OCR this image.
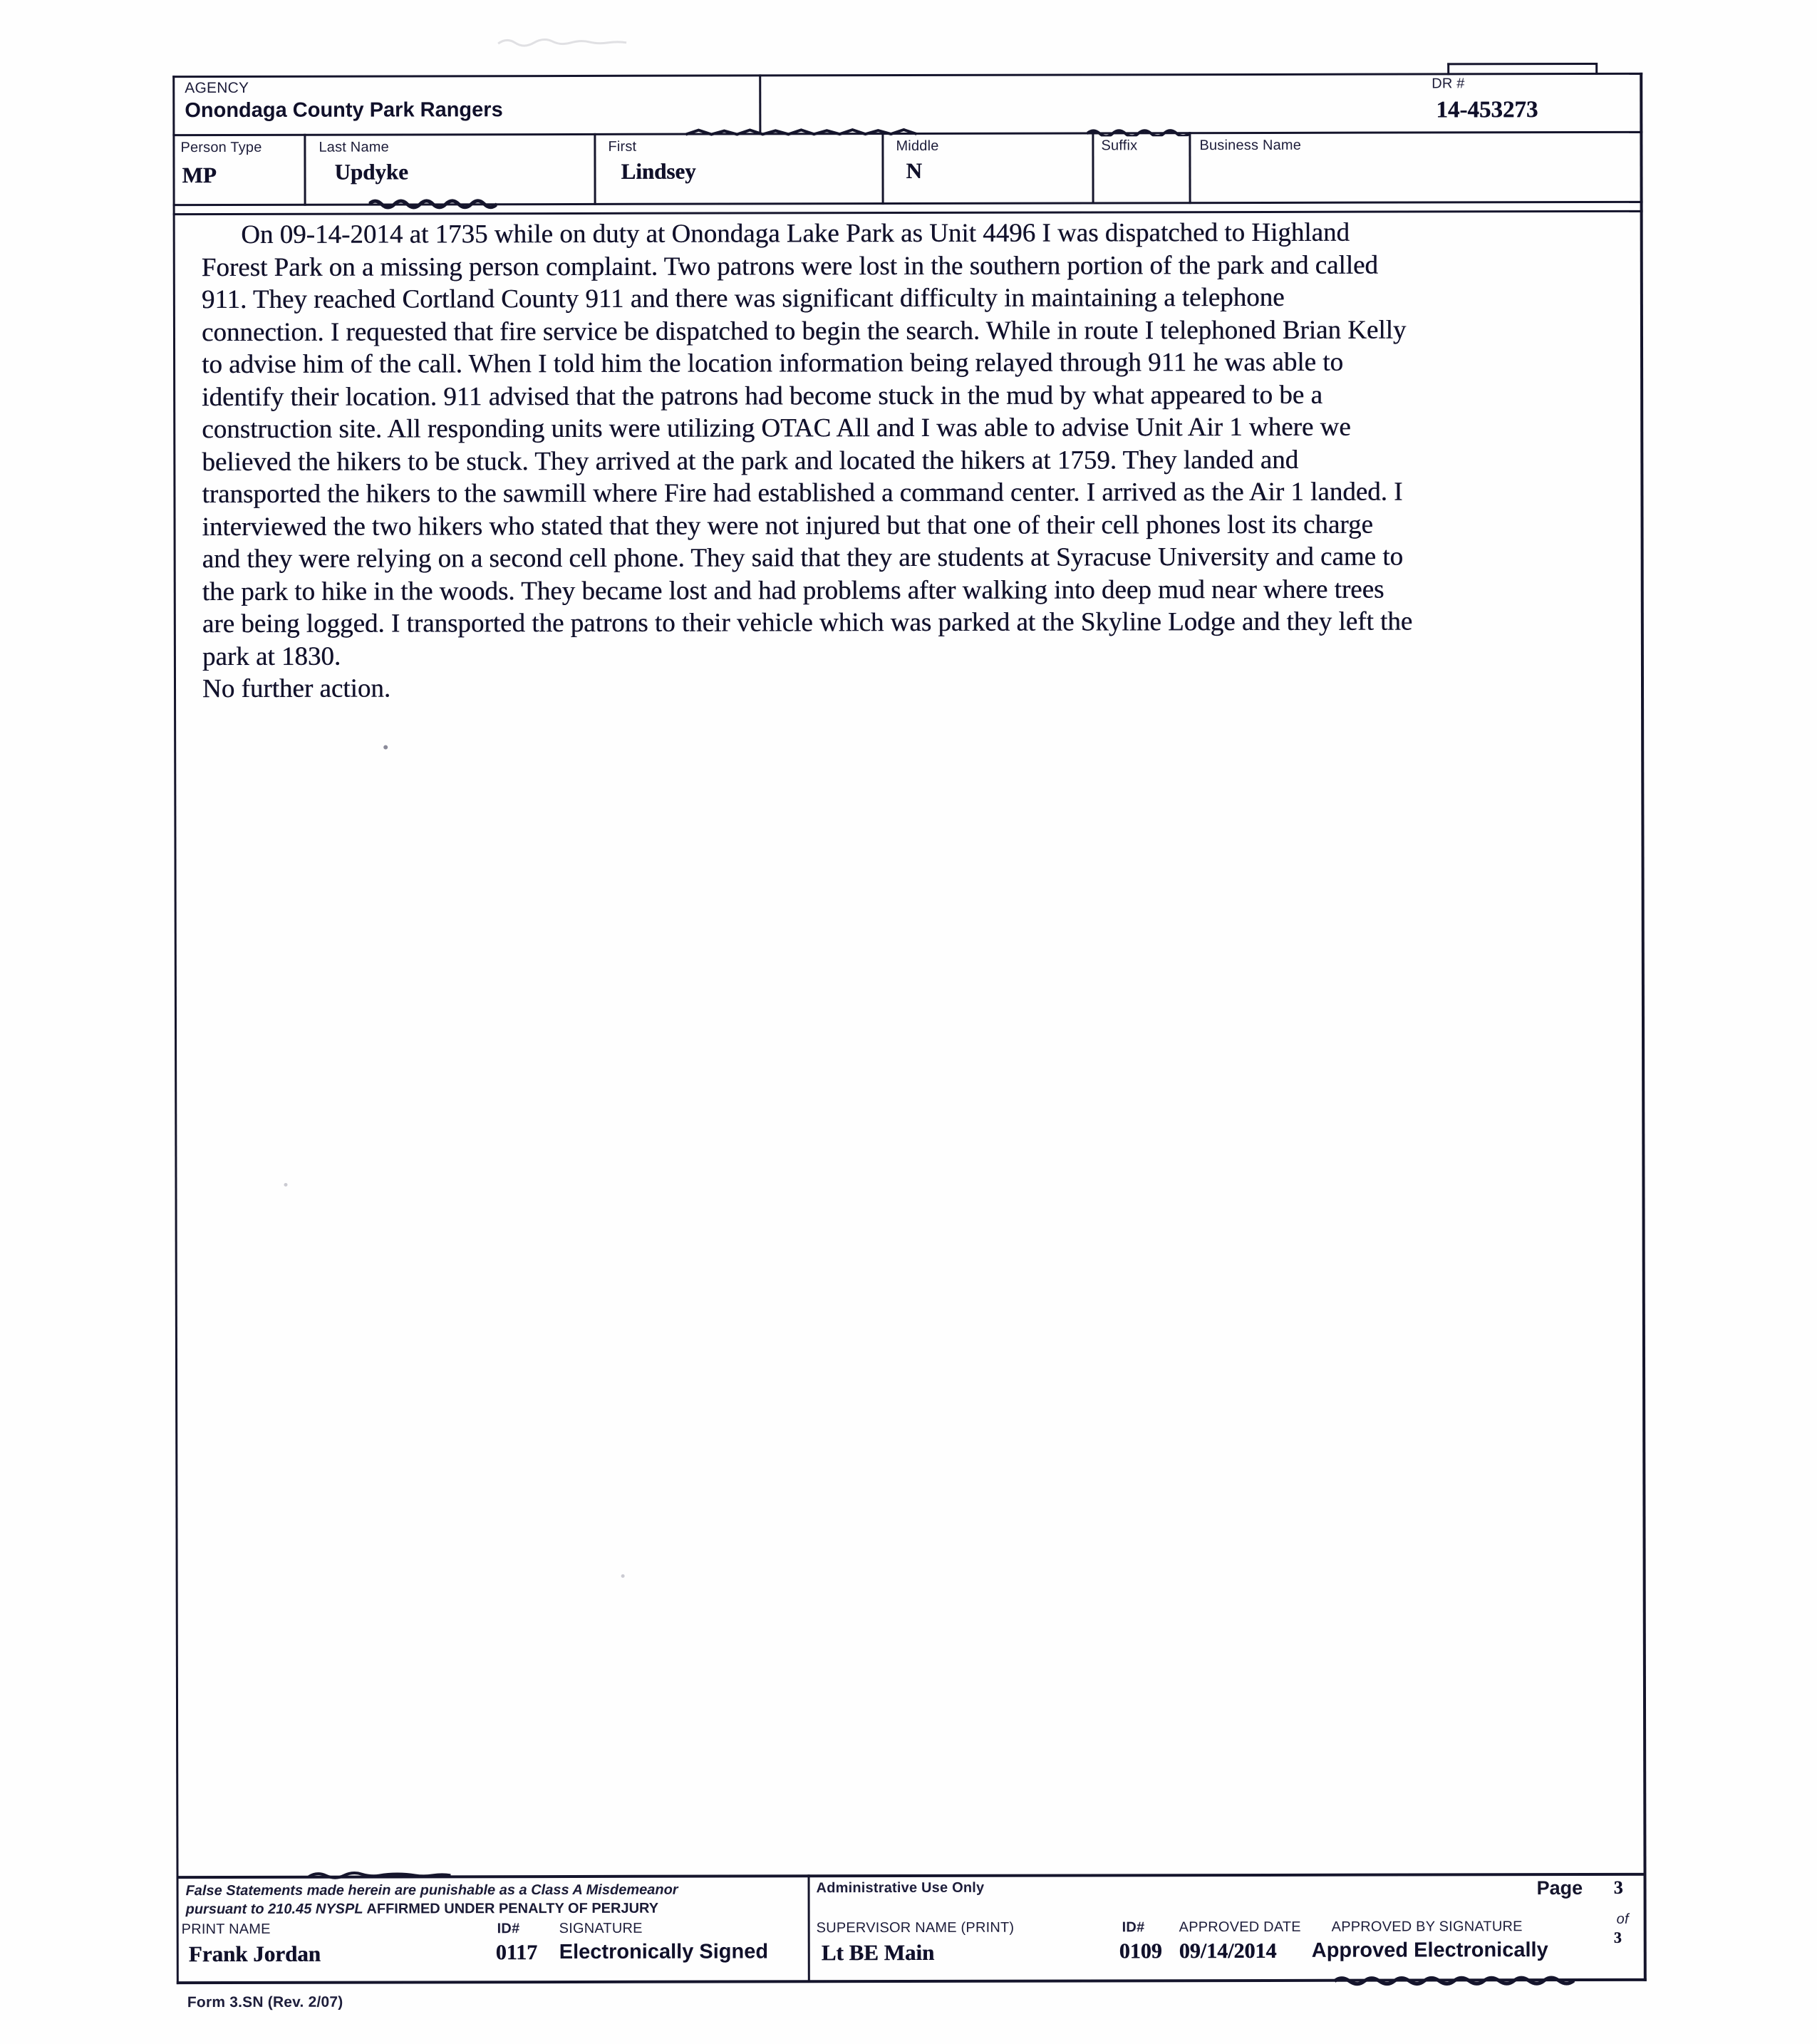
AGENCY
Onondaga County Park Rangers
DR #
14-453273
Person Type
MP
Last Name
Updyke
First
Lindsey
Middle
N
Suffix	Business Name
On 09-14-2014 at 1735 while on duty at Onondaga Lake Park as Unit 4496 I was dispatched to Highland
Forest Park on a missing person complaint. Two patrons were lost in the southern portion of the park and called
911. They reached Cortland County 911 and there was significant difficulty in maintaining a telephone
connection. I requested that fire service be dispatched to begin the search. While in route I telephoned Brian Kelly
to advise him of the call. When I told him the location information being relayed through 911 he was able to
identify their location. 911 advised that the patrons had become stuck in the mud by what appeared to be a
construction site. All responding units were utilizing OTAC All and I was able to advise Unit Air 1 where we
believed the hikers to be stuck. They arrived at the park and located the hikers at 1759. They landed and
transported the hikers to the sawmill where Fire had established a command center. I arrived as the Air 1 landed. I
interviewed the two hikers who stated that they were not injured but that one of their cell phones lost its charge
and they were relying on a second cell phone. They said that they are students at Syracuse University and came to
the park to hike in the woods. They became lost and had problems after walking into deep mud near where trees
are being logged. I transported the patrons to their vehicle which was parked at the Skyline Lodge and they left the
park at 1830.
No further action.
False Statements made herein are punishable as a Class A Misdemeanor
pursuant to 210.45 NYSPL AFFIRMED UNDER PENALTY OF PERJURY
PRINT NAME	ID#	SIGNATURE
Frank Jordan	0117 Electronically Signed
Administrative Use Only
SUPERVISOR NAME (PRINT)	ID# APPROVED DATE APPROVED BY SIGNATURE
Lt BE Main	0109 09/14/2014 Approved Electronically
Page 3
of
3
Form 3.SN (Rev. 2/07)
